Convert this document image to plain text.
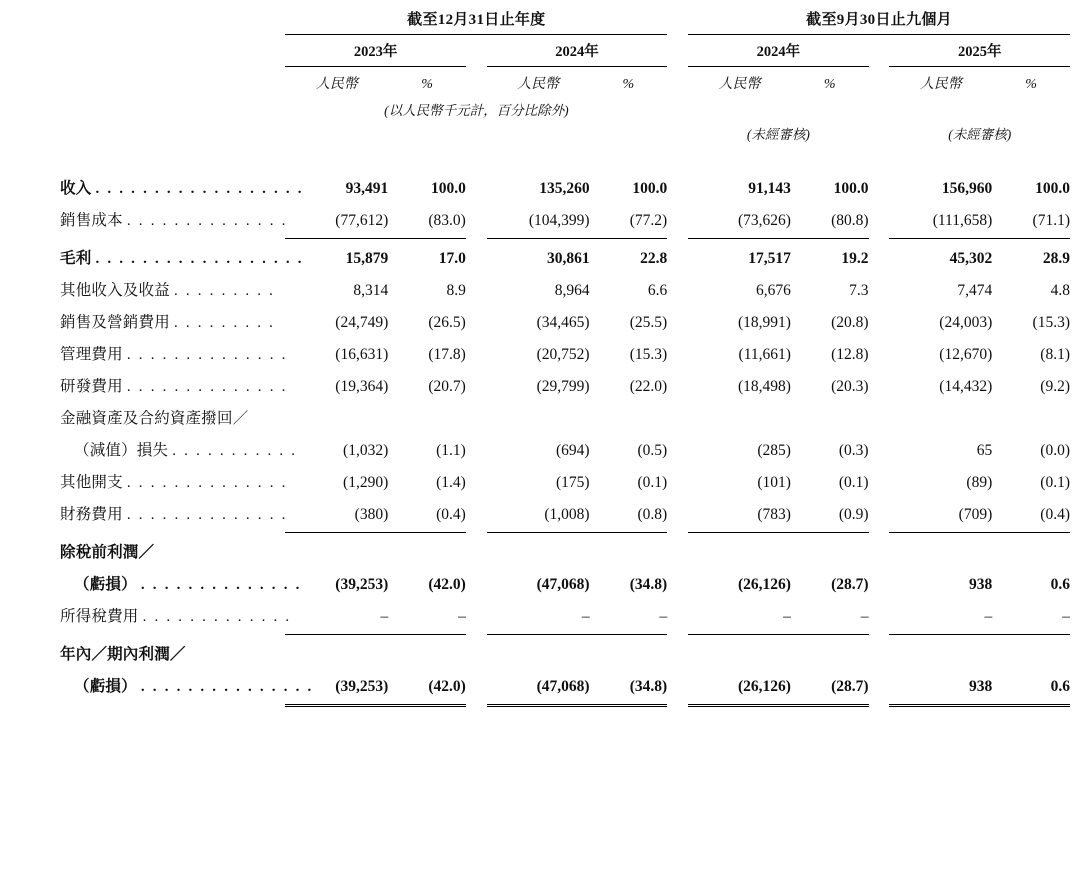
	截至12月31日止年度						截至9月30日止九個月				

	2023年			2024年			2024年			2025年	

	人民幣	%		人民幣	%		人民幣	%		人民幣	%
	(以人民幣千元計，百分比除外)										
							(未經審核)			(未經審核)	

收入 . . . . . . . . . . . . . . . . . .	93,491	100.0		135,260	100.0		91,143	100.0		156,960	100.0
銷售成本 . . . . . . . . . . . . . .	(77,612)	(83.0)		(104,399)	(77.2)		(73,626)	(80.8)		(111,658)	(71.1)

毛利 . . . . . . . . . . . . . . . . . .	15,879	17.0		30,861	22.8		17,517	19.2		45,302	28.9
其他收入及收益 . . . . . . . . .	8,314	8.9		8,964	6.6		6,676	7.3		7,474	4.8
銷售及營銷費用 . . . . . . . . .	(24,749)	(26.5)		(34,465)	(25.5)		(18,991)	(20.8)		(24,003)	(15.3)
管理費用 . . . . . . . . . . . . . .	(16,631)	(17.8)		(20,752)	(15.3)		(11,661)	(12.8)		(12,670)	(8.1)
研發費用 . . . . . . . . . . . . . .	(19,364)	(20.7)		(29,799)	(22.0)		(18,498)	(20.3)		(14,432)	(9.2)
金融資產及合約資產撥回／											
（減值）損失 . . . . . . . . . . .	(1,032)	(1.1)		(694)	(0.5)		(285)	(0.3)		65	(0.0)
其他開支 . . . . . . . . . . . . . .	(1,290)	(1.4)		(175)	(0.1)		(101)	(0.1)		(89)	(0.1)
財務費用 . . . . . . . . . . . . . .	(380)	(0.4)		(1,008)	(0.8)		(783)	(0.9)		(709)	(0.4)

除稅前利潤／											
（虧損） . . . . . . . . . . . . . .	(39,253)	(42.0)		(47,068)	(34.8)		(26,126)	(28.7)		938	0.6
所得稅費用 . . . . . . . . . . . . .	–	–		–	–		–	–		–	–

年內／期內利潤／											
（虧損） . . . . . . . . . . . . . . .	(39,253)	(42.0)		(47,068)	(34.8)		(26,126)	(28.7)		938	0.6
